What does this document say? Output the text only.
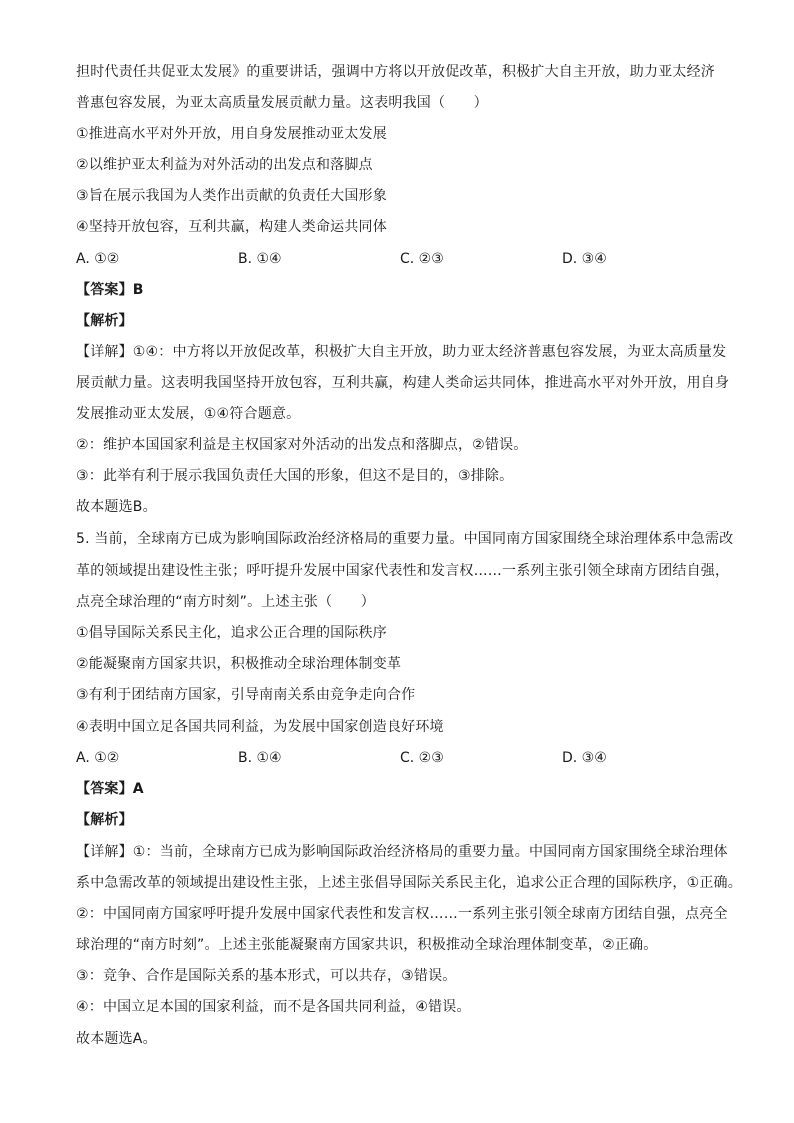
担时代责任共促亚太发展》的重要讲话，强调中方将以开放促改革，积极扩大自主开放，助力亚太经济
普惠包容发展，为亚太高质量发展贡献力量。这表明我国（　　）
①推进高水平对外开放，用自身发展推动亚太发展
②以维护亚太利益为对外活动的出发点和落脚点
③旨在展示我国为人类作出贡献的负责任大国形象
④坚持开放包容，互利共赢，构建人类命运共同体
A. ①②	B. ①④	C. ②③	D. ③④
【答案】B
【解析】
【详解】①④：中方将以开放促改革，积极扩大自主开放，助力亚太经济普惠包容发展，为亚太高质量发
展贡献力量。这表明我国坚持开放包容，互利共赢，构建人类命运共同体，推进高水平对外开放，用自身
发展推动亚太发展，①④符合题意。
②：维护本国国家利益是主权国家对外活动的出发点和落脚点，②错误。
③：此举有利于展示我国负责任大国的形象，但这不是目的，③排除。
故本题选B。
5. 当前，全球南方已成为影响国际政治经济格局的重要力量。中国同南方国家围绕全球治理体系中急需改
革的领域提出建设性主张；呼吁提升发展中国家代表性和发言权……一系列主张引领全球南方团结自强，
点亮全球治理的“南方时刻”。上述主张（　　）
①倡导国际关系民主化，追求公正合理的国际秩序
②能凝聚南方国家共识，积极推动全球治理体制变革
③有利于团结南方国家，引导南南关系由竞争走向合作
④表明中国立足各国共同利益，为发展中国家创造良好环境
A. ①②	B. ①④	C. ②③	D. ③④
【答案】A
【解析】
【详解】①：当前，全球南方已成为影响国际政治经济格局的重要力量。中国同南方国家围绕全球治理体
系中急需改革的领域提出建设性主张，上述主张倡导国际关系民主化，追求公正合理的国际秩序，①正确。
②：中国同南方国家呼吁提升发展中国家代表性和发言权……一系列主张引领全球南方团结自强，点亮全
球治理的“南方时刻”。上述主张能凝聚南方国家共识，积极推动全球治理体制变革，②正确。
③：竞争、合作是国际关系的基本形式，可以共存，③错误。
④：中国立足本国的国家利益，而不是各国共同利益，④错误。
故本题选A。
